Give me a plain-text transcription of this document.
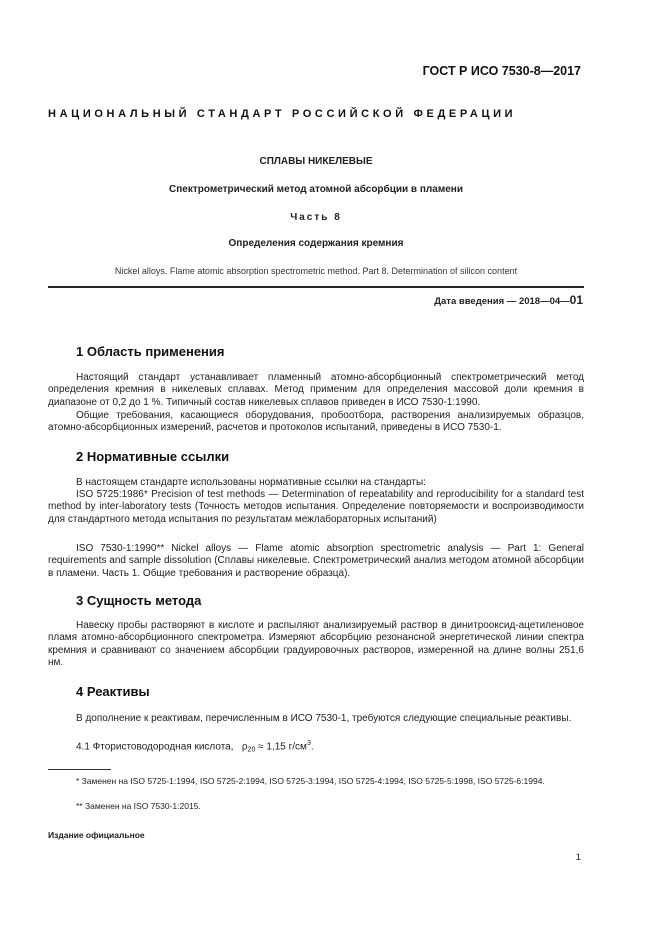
ГОСТ Р ИСО 7530-8—2017
НАЦИОНАЛЬНЫЙ СТАНДАРТ РОССИЙСКОЙ ФЕДЕРАЦИИ
СПЛАВЫ НИКЕЛЕВЫЕ
Спектрометрический метод атомной абсорбции в пламени
Часть 8
Определения содержания кремния
Nickel alloys. Flame atomic absorption spectrometric method. Part 8. Determination of silicon content
Дата введения — 2018—04—01
1 Область применения

Настоящий стандарт устанавливает пламенный атомно-абсорбционный спектрометрический метод определения кремния в никелевых сплавах. Метод применим для определения массовой доли кремния в диапазоне от 0,2 до 1 %. Типичный состав никелевых сплавов приведен в ИСО 7530-1:1990.

Общие требования, касающиеся оборудования, пробоотбора, растворения анализируемых образцов, атомно-абсорбционных измерений, расчетов и протоколов испытаний, приведены в ИСО 7530-1.

2 Нормативные ссылки

В настоящем стандарте использованы нормативные ссылки на стандарты:

ISO 5725:1986* Precision of test methods — Determination of repeatability and reproducibility for a standard test method by inter-laboratory tests (Точность методов испытания. Определение повторяемости и воспроизводимости для стандартного метода испытания по результатам межлабораторных испытаний)

ISO 7530-1:1990** Nickel alloys — Flame atomic absorption spectrometric analysis — Part 1: General requirements and sample dissolution (Сплавы никелевые. Спектрометрический анализ методом атомной абсорбции в пламени. Часть 1. Общие требования и растворение образца).

3 Сущность метода

Навеску пробы растворяют в кислоте и распыляют анализируемый раствор в динитрооксид-ацетиленовое пламя атомно-абсорбционного спектрометра. Измеряют абсорбцию резонансной энергетической линии спектра кремния и сравнивают со значением абсорбции градуировочных растворов, измеренной на длине волны 251,6 нм.

4 Реактивы

В дополнение к реактивам, перечисленным в ИСО 7530-1, требуются следующие специальные реактивы.

4.1 Фтористоводородная кислота, $\rho_{20} \approx 1,15$ $г/см^3$.

* Заменен на ISO 5725-1:1994, ISO 5725-2:1994, ISO 5725-3:1994, ISO 5725-4:1994, ISO 5725-5:1998, ISO 5725-6:1994.

** Заменен на ISO 7530-1:2015.

Издание официальное
1
